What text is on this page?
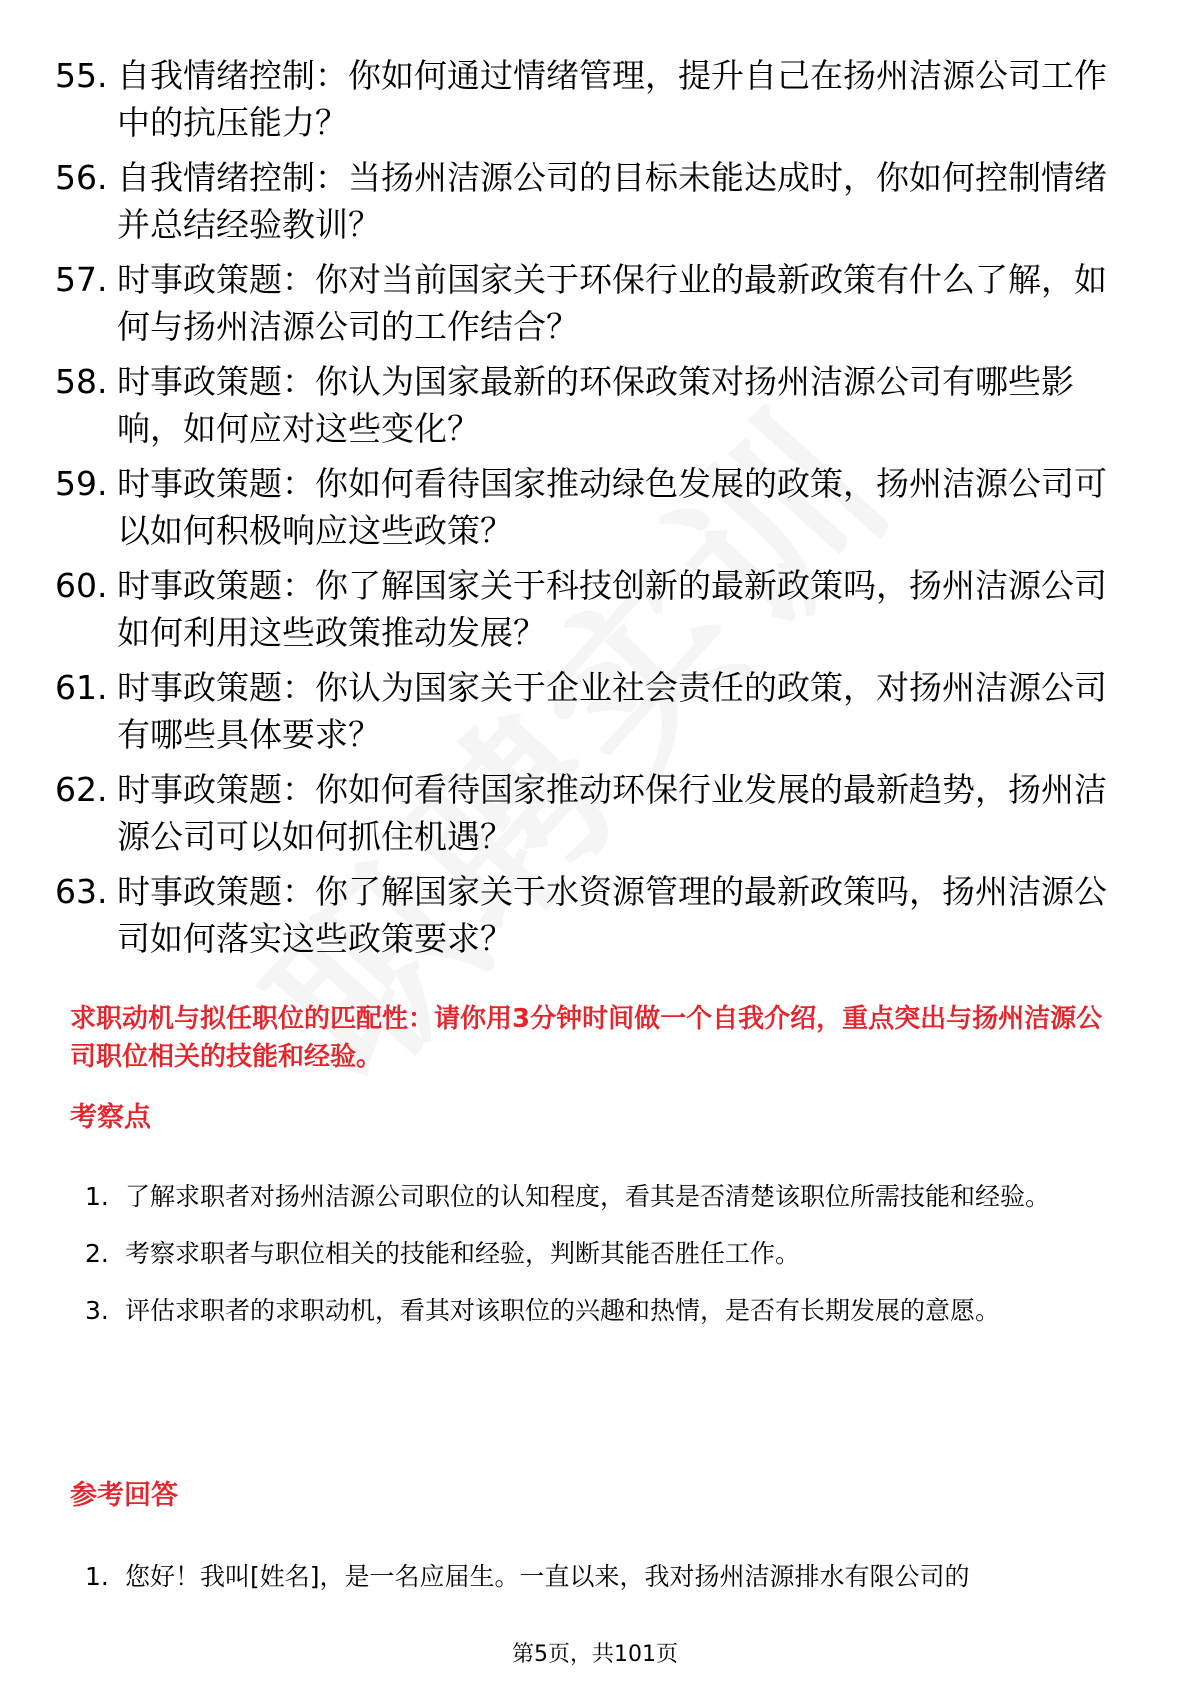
55. 自我情绪控制：你如何通过情绪管理，提升自己在扬州洁源公司工作中的抗压能力？
56. 自我情绪控制：当扬州洁源公司的目标未能达成时，你如何控制情绪并总结经验教训？
57. 时事政策题：你对当前国家关于环保行业的最新政策有什么了解，如何与扬州洁源公司的工作结合？
58. 时事政策题：你认为国家最新的环保政策对扬州洁源公司有哪些影响，如何应对这些变化？
59. 时事政策题：你如何看待国家推动绿色发展的政策，扬州洁源公司可以如何积极响应这些政策？
60. 时事政策题：你了解国家关于科技创新的最新政策吗，扬州洁源公司如何利用这些政策推动发展？
61. 时事政策题：你认为国家关于企业社会责任的政策，对扬州洁源公司有哪些具体要求？
62. 时事政策题：你如何看待国家推动环保行业发展的最新趋势，扬州洁源公司可以如何抓住机遇？
63. 时事政策题：你了解国家关于水资源管理的最新政策吗，扬州洁源公司如何落实这些政策要求？
求职动机与拟任职位的匹配性：请你用3分钟时间做一个自我介绍，重点突出与扬州洁源公司职位相关的技能和经验。
考察点
1. 了解求职者对扬州洁源公司职位的认知程度，看其是否清楚该职位所需技能和经验。
2. 考察求职者与职位相关的技能和经验，判断其能否胜任工作。
3. 评估求职者的求职动机，看其对该职位的兴趣和热情，是否有长期发展的意愿。
参考回答
1. 您好！我叫[姓名]，是一名应届生。一直以来，我对扬州洁源排水有限公司的
第5页，共101页
